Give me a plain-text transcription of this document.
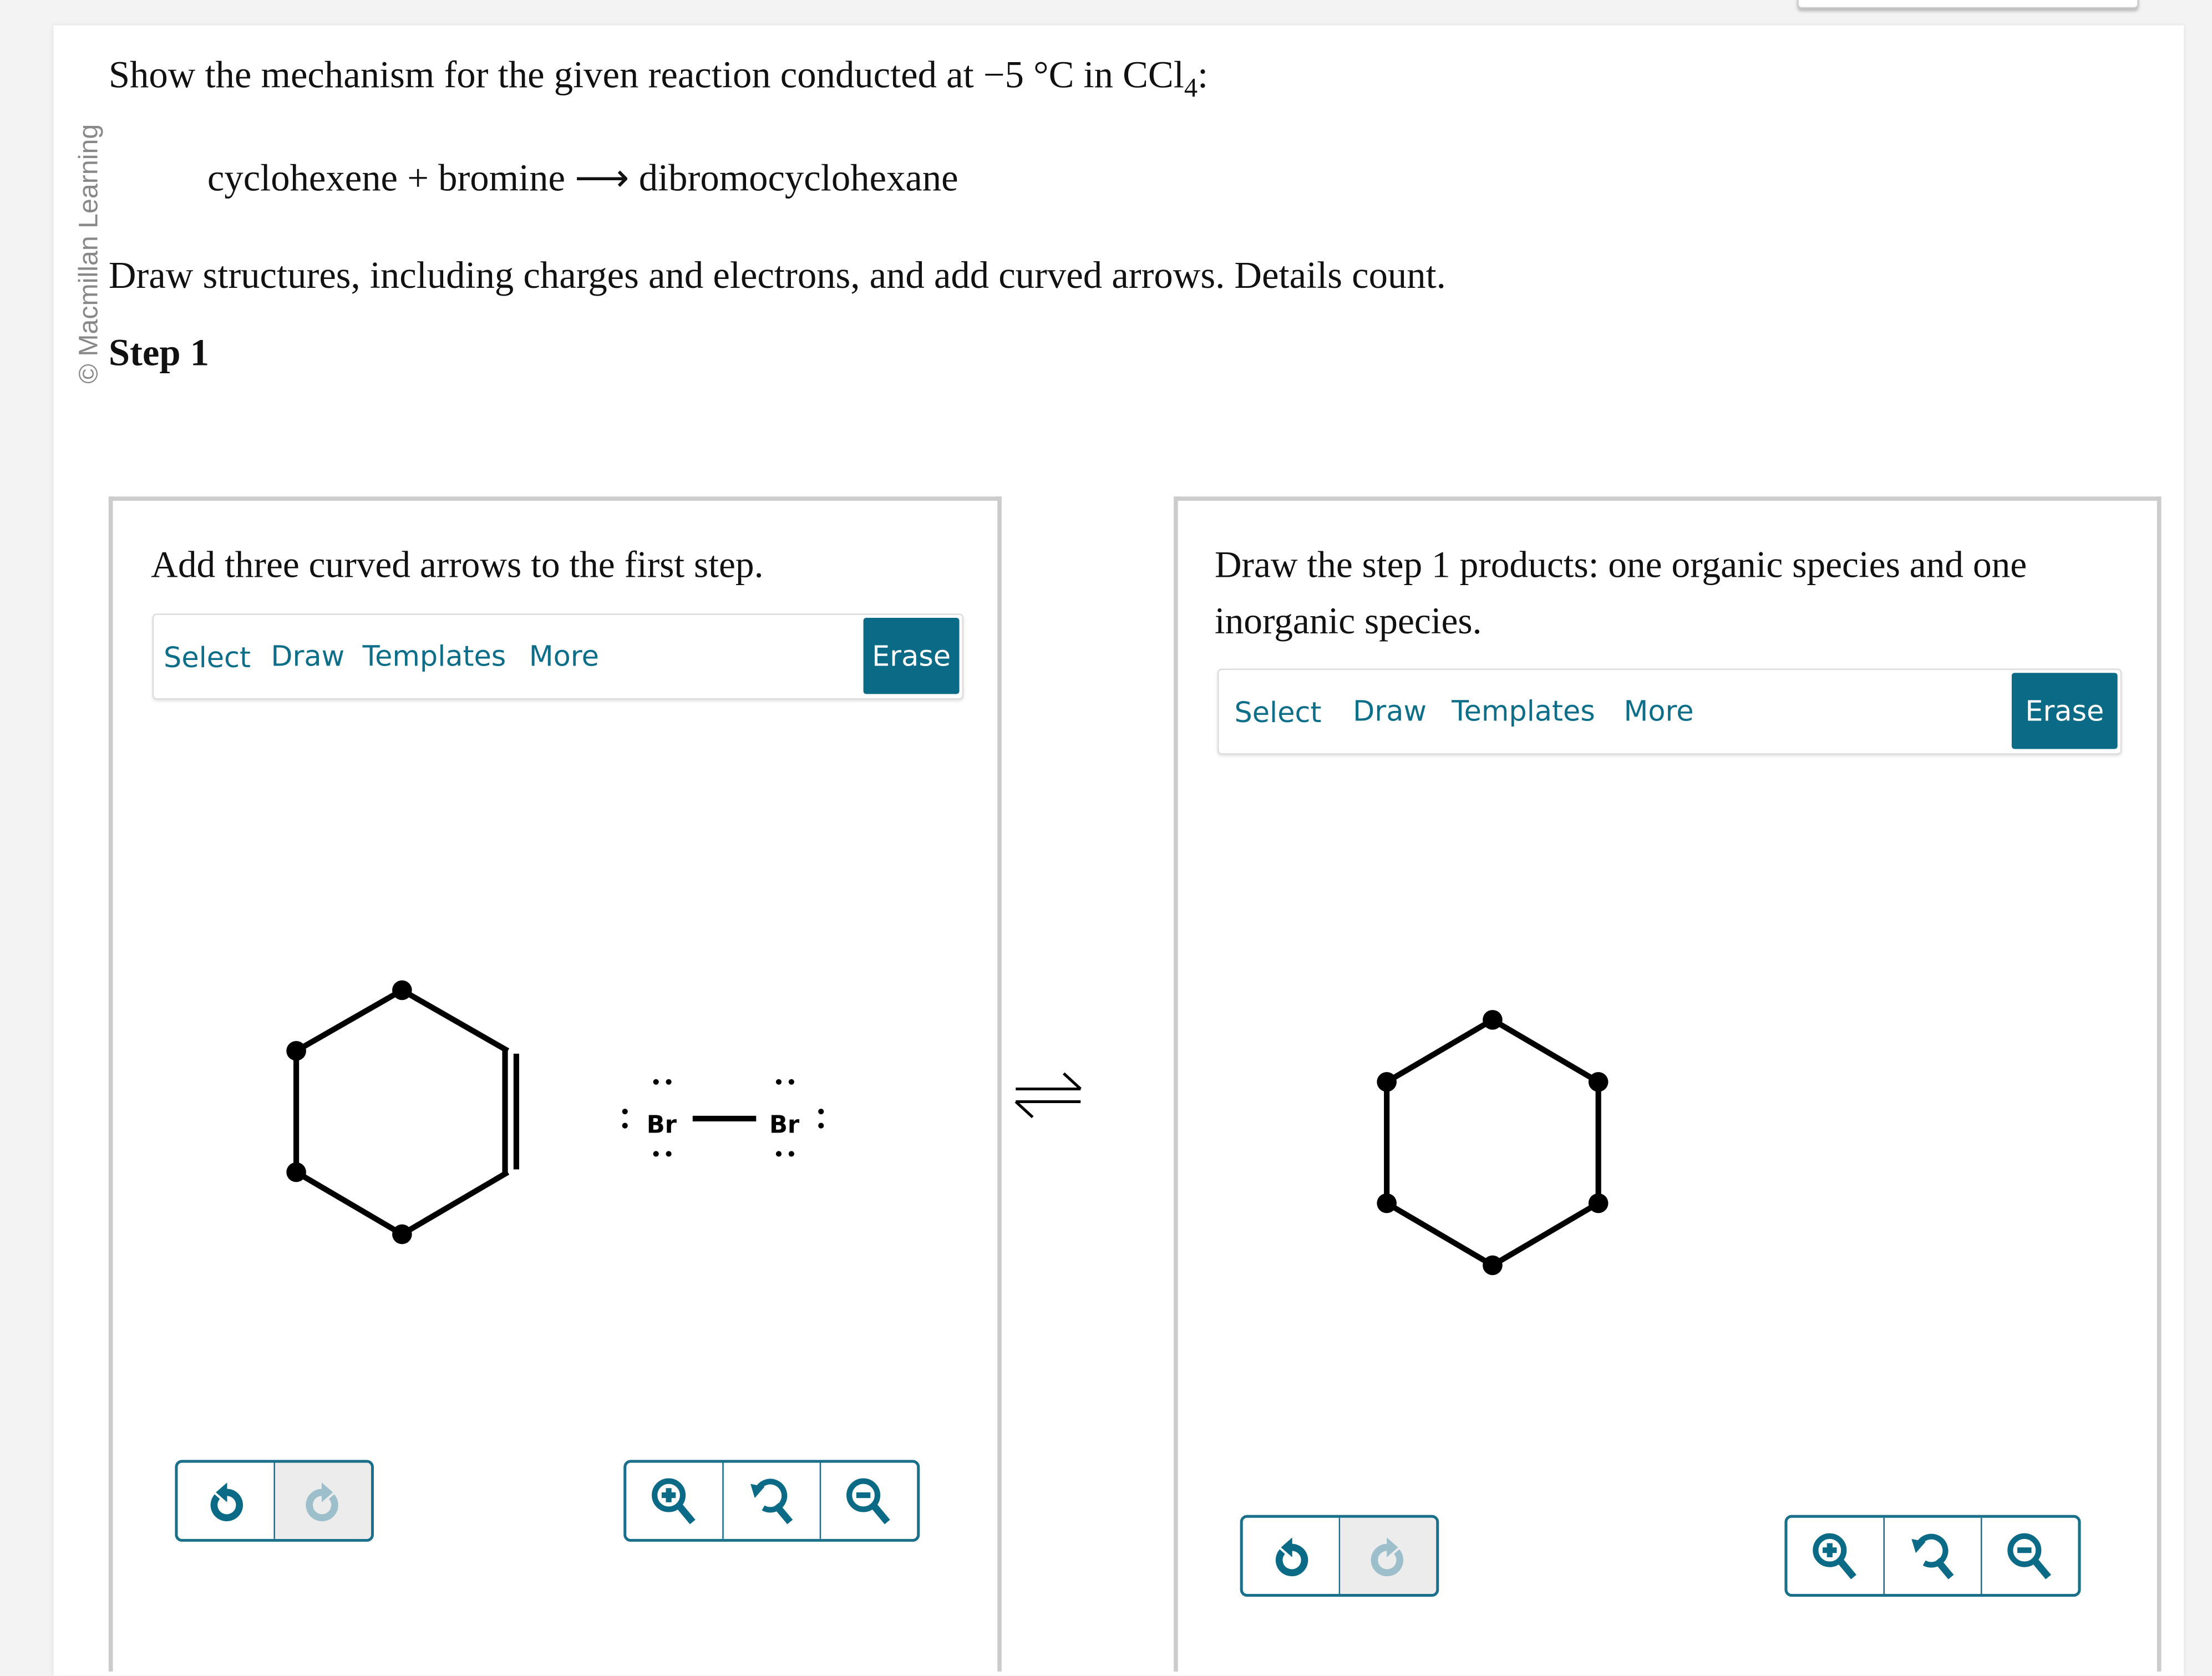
© Macmillan Learning
Show the mechanism for the given reaction conducted at −5 °C in CCl$_4$:
cyclohexene + bromine ⟶ dibromocyclohexane
Draw structures, including charges and electrons, and add curved arrows. Details count.
Step 1
Add three curved arrows to the first step.
Select Draw Templates More	Erase
Br	Br
Draw the step 1 products: one organic species and one inorganic species.
Select	Draw Templates	More	Erase
